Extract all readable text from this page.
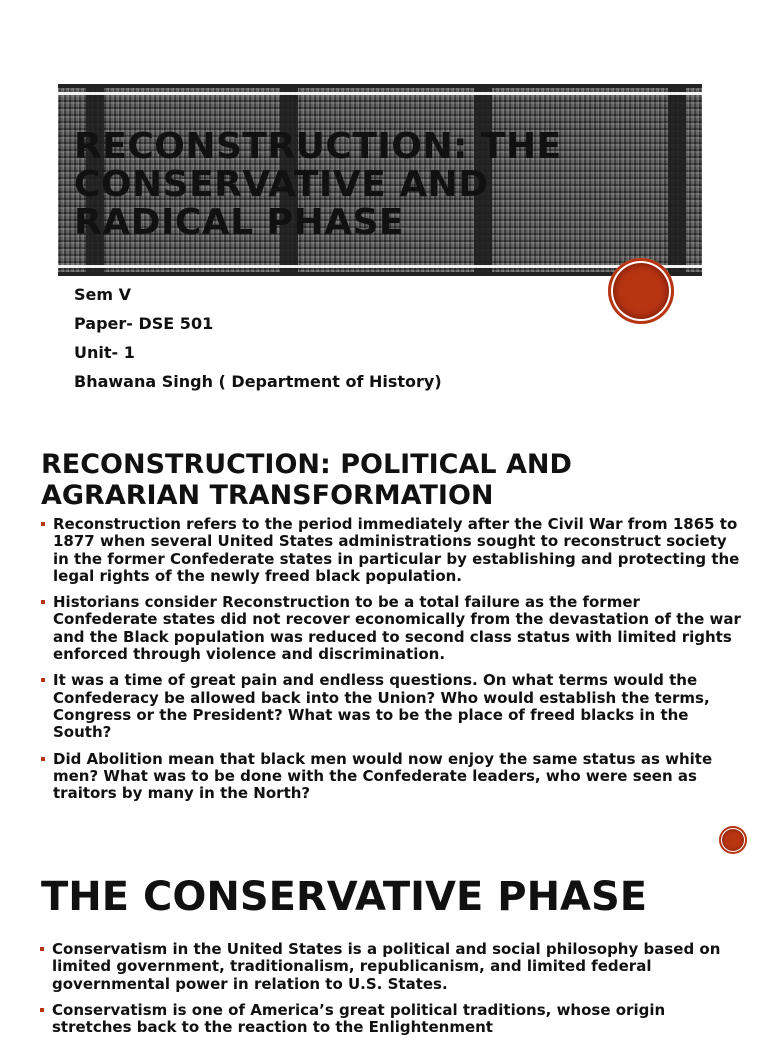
RECONSTRUCTION: THE CONSERVATIVE AND RADICAL PHASE
Sem V
Paper- DSE 501
Unit- 1
Bhawana Singh ( Department of History)
RECONSTRUCTION: POLITICAL AND AGRARIAN TRANSFORMATION
Reconstruction refers to the period immediately after the Civil War from 1865 to 1877 when several United States administrations sought to reconstruct society in the former Confederate states in particular by establishing and protecting the legal rights of the newly freed black population.
Historians consider Reconstruction to be a total failure as the former Confederate states did not recover economically from the devastation of the war and the Black population was reduced to second class status with limited rights enforced through violence and discrimination.
It was a time of great pain and endless questions. On what terms would the Confederacy be allowed back into the Union? Who would establish the terms, Congress or the President? What was to be the place of freed blacks in the South?
Did Abolition mean that black men would now enjoy the same status as white men? What was to be done with the Confederate leaders, who were seen as traitors by many in the North?
THE CONSERVATIVE PHASE
Conservatism in the United States is a political and social philosophy based on limited government, traditionalism, republicanism, and limited federal governmental power in relation to U.S. States.
Conservatism is one of America’s great political traditions, whose origin stretches back to the reaction to the Enlightenment
